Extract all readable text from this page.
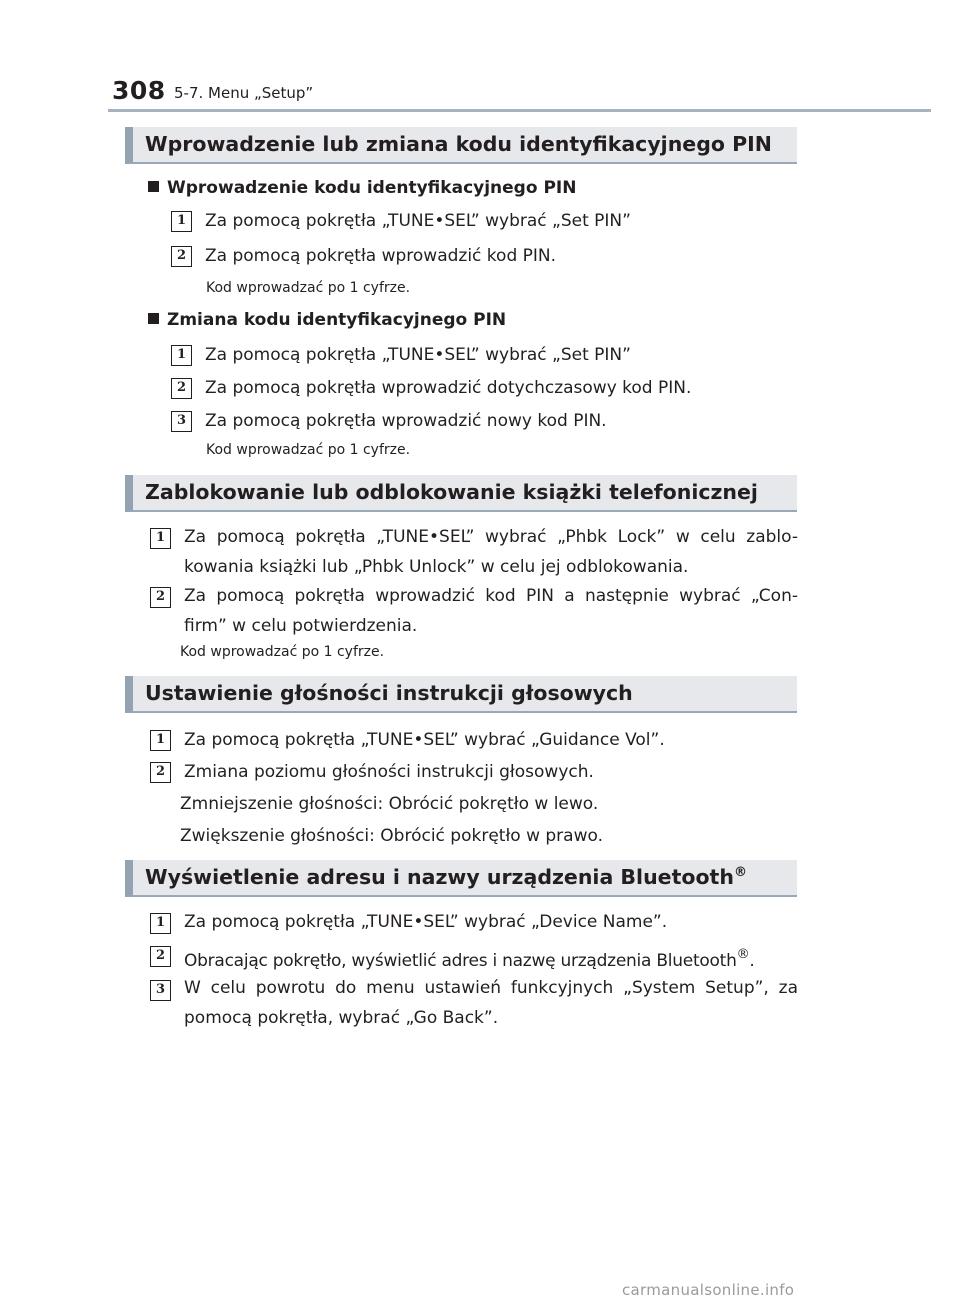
308 5-7. Menu „Setup”
Wprowadzenie lub zmiana kodu identyfikacyjnego PIN
Wprowadzenie kodu identyfikacyjnego PIN
1	Za pomocą pokrętła „TUNE•SEL” wybrać „Set PIN”
2	Za pomocą pokrętła wprowadzić kod PIN.
Kod wprowadzać po 1 cyfrze.
Zmiana kodu identyfikacyjnego PIN
1	Za pomocą pokrętła „TUNE•SEL” wybrać „Set PIN”
2	Za pomocą pokrętła wprowadzić dotychczasowy kod PIN.
3	Za pomocą pokrętła wprowadzić nowy kod PIN.
Kod wprowadzać po 1 cyfrze.
Zablokowanie lub odblokowanie książki telefonicznej
1	Za pomocą pokrętła „TUNE•SEL” wybrać „Phbk Lock” w celu zablo- kowania książki lub „Phbk Unlock” w celu jej odblokowania.
2	Za pomocą pokrętła wprowadzić kod PIN a następnie wybrać „Con- firm” w celu potwierdzenia.
Kod wprowadzać po 1 cyfrze.
Ustawienie głośności instrukcji głosowych
1	Za pomocą pokrętła „TUNE•SEL” wybrać „Guidance Vol”.
2	Zmiana poziomu głośności instrukcji głosowych.
Zmniejszenie głośności: Obrócić pokrętło w lewo.
Zwiększenie głośności: Obrócić pokrętło w prawo.
Wyświetlenie adresu i nazwy urządzenia Bluetooth®
1	Za pomocą pokrętła „TUNE•SEL” wybrać „Device Name”.
2	Obracając pokrętło, wyświetlić adres i nazwę urządzenia Bluetooth®.
3	W celu powrotu do menu ustawień funkcyjnych „System Setup”, za pomocą pokrętła, wybrać „Go Back”.
carmanualsonline.info
